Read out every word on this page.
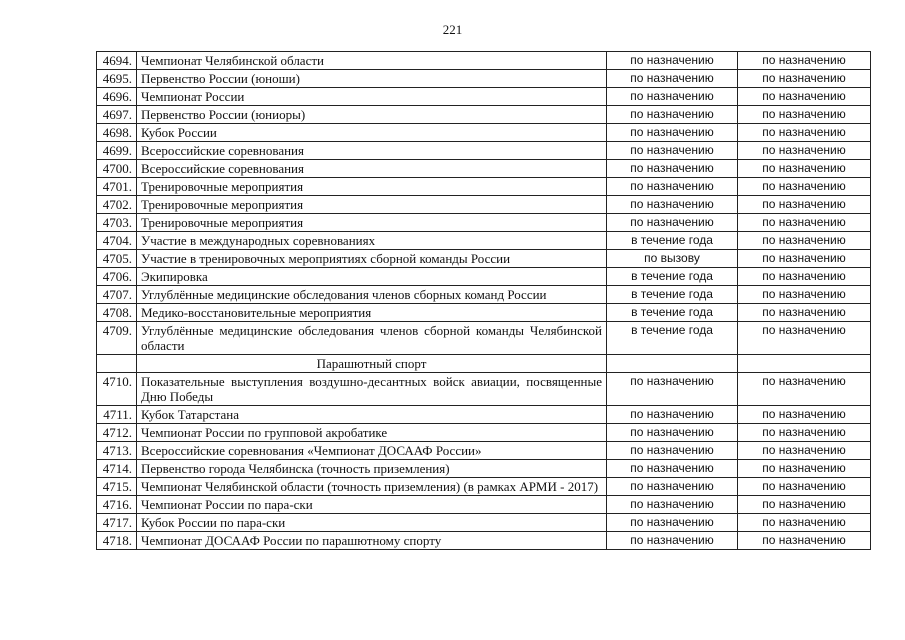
221
4694.	Чемпионат Челябинской области	по назначению	по назначению
4695.	Первенство России (юноши)	по назначению	по назначению
4696.	Чемпионат России	по назначению	по назначению
4697.	Первенство России (юниоры)	по назначению	по назначению
4698.	Кубок России	по назначению	по назначению
4699.	Всероссийские соревнования	по назначению	по назначению
4700.	Всероссийские соревнования	по назначению	по назначению
4701.	Тренировочные мероприятия	по назначению	по назначению
4702.	Тренировочные мероприятия	по назначению	по назначению
4703.	Тренировочные мероприятия	по назначению	по назначению
4704.	Участие в международных соревнованиях	в течение года	по назначению
4705.	Участие в тренировочных мероприятиях сборной команды России	по вызову	по назначению
4706.	Экипировка	в течение года	по назначению
4707.	Углублённые медицинские обследования членов сборных команд России	в течение года	по назначению
4708.	Медико-восстановительные мероприятия	в течение года	по назначению
4709.	Углублённые медицинские обследования членов сборной команды Челябинской области	в течение года	по назначению
	Парашютный спорт		
4710.	Показательные выступления воздушно-десантных войск авиации, посвященные Дню Победы	по назначению	по назначению
4711.	Кубок Татарстана	по назначению	по назначению
4712.	Чемпионат России по групповой акробатике	по назначению	по назначению
4713.	Всероссийские соревнования «Чемпионат ДОСААФ России»	по назначению	по назначению
4714.	Первенство города Челябинска (точность приземления)	по назначению	по назначению
4715.	Чемпионат Челябинской области (точность приземления) (в рамках АРМИ - 2017)	по назначению	по назначению
4716.	Чемпионат России по пара-ски	по назначению	по назначению
4717.	Кубок России по пара-ски	по назначению	по назначению
4718.	Чемпионат ДОСААФ России по парашютному спорту	по назначению	по назначению
